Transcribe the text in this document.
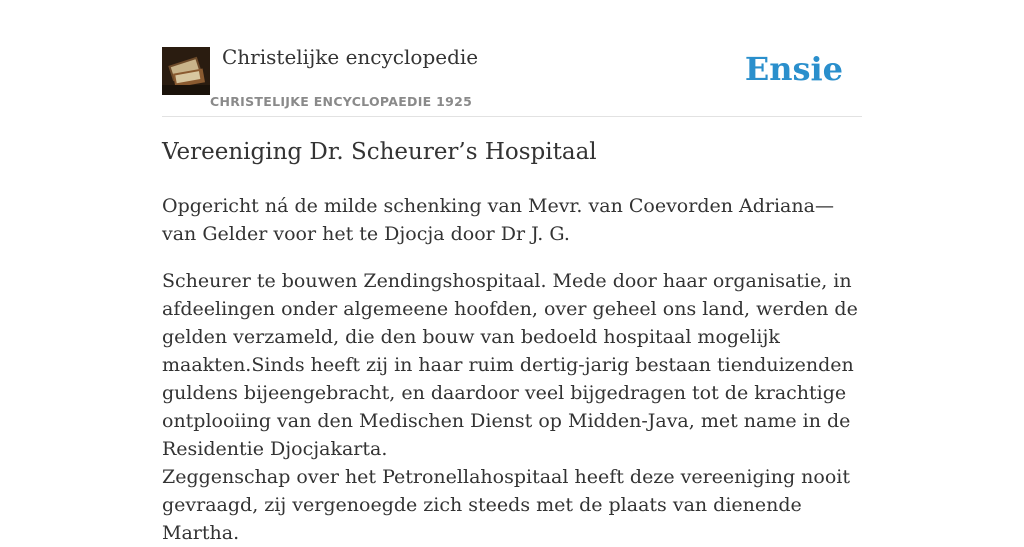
Christelijke encyclopedie
CHRISTELIJKE ENCYCLOPAEDIE 1925
Ensie
Vereeniging Dr. Scheurer’s Hospitaal

Opgericht ná de milde schenking van Mevr. van Coevorden Adriana—van Gelder voor het te Djocja door Dr J. G.

Scheurer te bouwen Zendingshospitaal. Mede door haar organisatie, in afdeelingen onder algemeene hoofden, over geheel ons land, werden de gelden verzameld, die den bouw van bedoeld hospitaal mogelijk maakten.Sinds heeft zij in haar ruim dertig-jarig bestaan tienduizenden guldens bijeengebracht, en daardoor veel bijgedragen tot de krachtige ontplooiing van den Medischen Dienst op Midden-Java, met name in de Residentie Djocjakarta.

Zeggenschap over het Petronellahospitaal heeft deze vereeniging nooit gevraagd, zij vergenoegde zich steeds met de plaats van dienende Martha.
